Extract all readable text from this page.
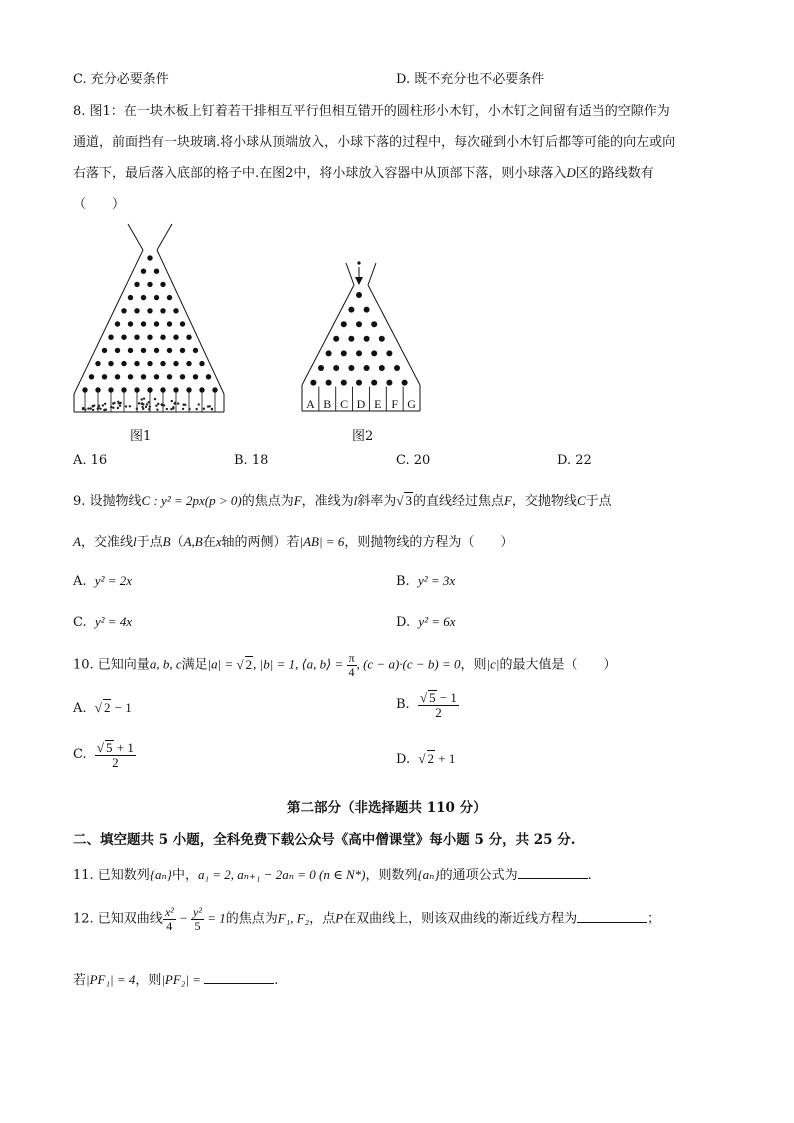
C. 充分必要条件	D. 既不充分也不必要条件
8. 图1：在一块木板上钉着若干排相互平行但相互错开的圆柱形小木钉，小木钉之间留有适当的空隙作为
通道，前面挡有一块玻璃.将小球从顶端放入，小球下落的过程中，每次碰到小木钉后都等可能的向左或向
右落下，最后落入底部的格子中.在图2中，将小球放入容器中从顶部下落，则小球落入D区的路线数有
（　　）
图1
A B C D E F G
图2
A. 16	B. 18	C. 20	D. 22
9. 设抛物线C : y² = 2px(p > 0)的焦点为F，准线为l斜率为√ 3的直线经过焦点F，交抛物线C于点
A，交准线l于点B（A,B在x轴的两侧）若|AB| = 6，则抛物线的方程为（　　）
A. y² = 2x	B. y² = 3x
C. y² = 4x	D. y² = 6x
10. 已知向量a, b, c满足|a| = √ 2, |b| = 1, ⟨a, b⟩ = $\frac{\pi}{4}$ , (c − a)·(c − b) = 0，则|c|的最大值是（　　）
A. √ 2 − 1	B. $\frac{√ 5 - 1}{2}$
C. $\frac{√ 5 + 1}{2}$	D. √ 2 + 1
第二部分（非选择题共 110 分）
二、填空题共 5 小题，全科免费下载公众号《高中僧课堂》每小题 5 分，共 25 分.
11. 已知数列{aₙ}中，a₁ = 2, aₙ₊₁ − 2aₙ = 0 (n ∈ N*)，则数列{aₙ}的通项公式为	.
12. 已知双曲线 $\frac{\text{x²}}{4} - \frac{\text{y²}}{5} = 1$的焦点为F₁, F₂，点P在双曲线上，则该双曲线的渐近线方程为	；
若|PF₁| = 4，则|PF₂| =	.
